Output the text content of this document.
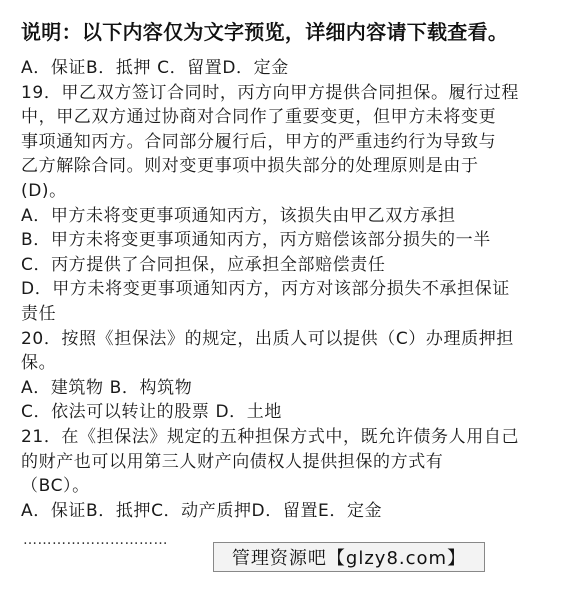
说明：以下内容仅为文字预览，详细内容请下载查看。
A．保证B．抵押 C．留置D．定金
19．甲乙双方签订合同时，丙方向甲方提供合同担保。履行过程
中，甲乙双方通过协商对合同作了重要变更，但甲方未将变更
事项通知丙方。合同部分履行后，甲方的严重违约行为导致与
乙方解除合同。则对变更事项中损失部分的处理原则是由于
(D)。
A．甲方未将变更事项通知丙方，该损失由甲乙双方承担
B．甲方未将变更事项通知丙方，丙方赔偿该部分损失的一半
C．丙方提供了合同担保，应承担全部赔偿责任
D．甲方未将变更事项通知丙方，丙方对该部分损失不承担保证
责任
20．按照《担保法》的规定，出质人可以提供（C）办理质押担
保。
A．建筑物 B．构筑物
C．依法可以转让的股票 D．土地
21．在《担保法》规定的五种担保方式中，既允许债务人用自己
的财产也可以用第三人财产向债权人提供担保的方式有
（BC）。
A．保证B．抵押C．动产质押D．留置E．定金
…………………………
管理资源吧【glzy8.com】
